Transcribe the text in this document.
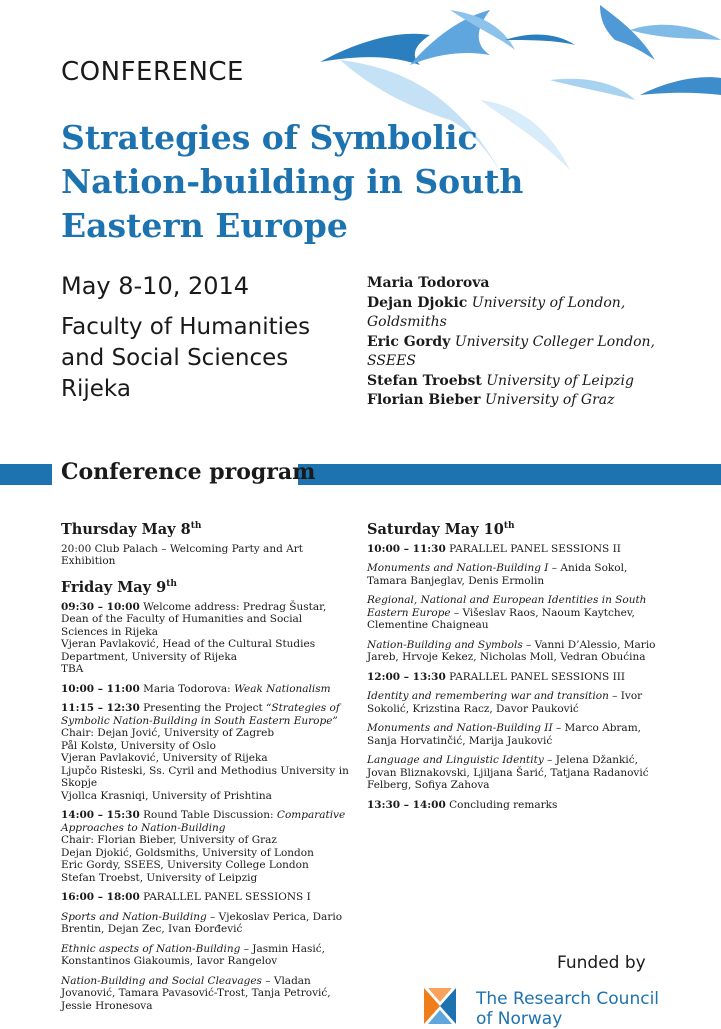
CONFERENCE
Strategies of Symbolic
Nation-building in South
Eastern Europe
May 8-10, 2014
Faculty of Humanities
and Social Sciences
Rijeka
Maria Todorova
Dejan Djokic University of London,
Goldsmiths
Eric Gordy University Colleger London,
SSEES
Stefan Troebst University of Leipzig
Florian Bieber University of Graz
Conference program
Thursday May 8th
20:00 Club Palach – Welcoming Party and Art
Exhibition
Friday May 9th
09:30 – 10:00 Welcome address: Predrag Šustar,
Dean of the Faculty of Humanities and Social
Sciences in Rijeka
Vjeran Pavlaković, Head of the Cultural Studies
Department, University of Rijeka
TBA
10:00 – 11:00 Maria Todorova: Weak Nationalism
11:15 – 12:30 Presenting the Project “Strategies of
Symbolic Nation-Building in South Eastern Europe”
Chair: Dejan Jović, University of Zagreb
Pål Kolstø, University of Oslo
Vjeran Pavlaković, University of Rijeka
Ljupčo Risteski, Ss. Cyril and Methodius University in
Skopje
Vjollca Krasniqi, University of Prishtina
14:00 – 15:30 Round Table Discussion: Comparative
Approaches to Nation-Building
Chair: Florian Bieber, University of Graz
Dejan Djokić, Goldsmiths, University of London
Eric Gordy, SSEES, University College London
Stefan Troebst, University of Leipzig
16:00 – 18:00 PARALLEL PANEL SESSIONS I
Sports and Nation-Building – Vjekoslav Perica, Dario
Brentin, Dejan Zec, Ivan Đorđević
Ethnic aspects of Nation-Building – Jasmin Hasić,
Konstantinos Giakoumis, Iavor Rangelov
Nation-Building and Social Cleavages – Vladan
Jovanović, Tamara Pavasović-Trost, Tanja Petrović,
Jessie Hronesova
Saturday May 10th
10:00 – 11:30 PARALLEL PANEL SESSIONS II
Monuments and Nation-Building I – Anida Sokol,
Tamara Banjeglav, Denis Ermolin
Regional, National and European Identities in South
Eastern Europe – Višeslav Raos, Naoum Kaytchev,
Clementine Chaigneau
Nation-Building and Symbols – Vanni D’Alessio, Mario
Jareb, Hrvoje Kekez, Nicholas Moll, Vedran Obućina
12:00 – 13:30 PARALLEL PANEL SESSIONS III
Identity and remembering war and transition – Ivor
Sokolić, Krizstina Racz, Davor Pauković
Monuments and Nation-Building II – Marco Abram,
Sanja Horvatinčić, Marija Jauković
Language and Linguistic Identity – Jelena Džankić,
Jovan Bliznakovski, Ljiljana Šarić, Tatjana Radanović
Felberg, Sofiya Zahova
13:30 – 14:00 Concluding remarks
Funded by
The Research Council
of Norway
